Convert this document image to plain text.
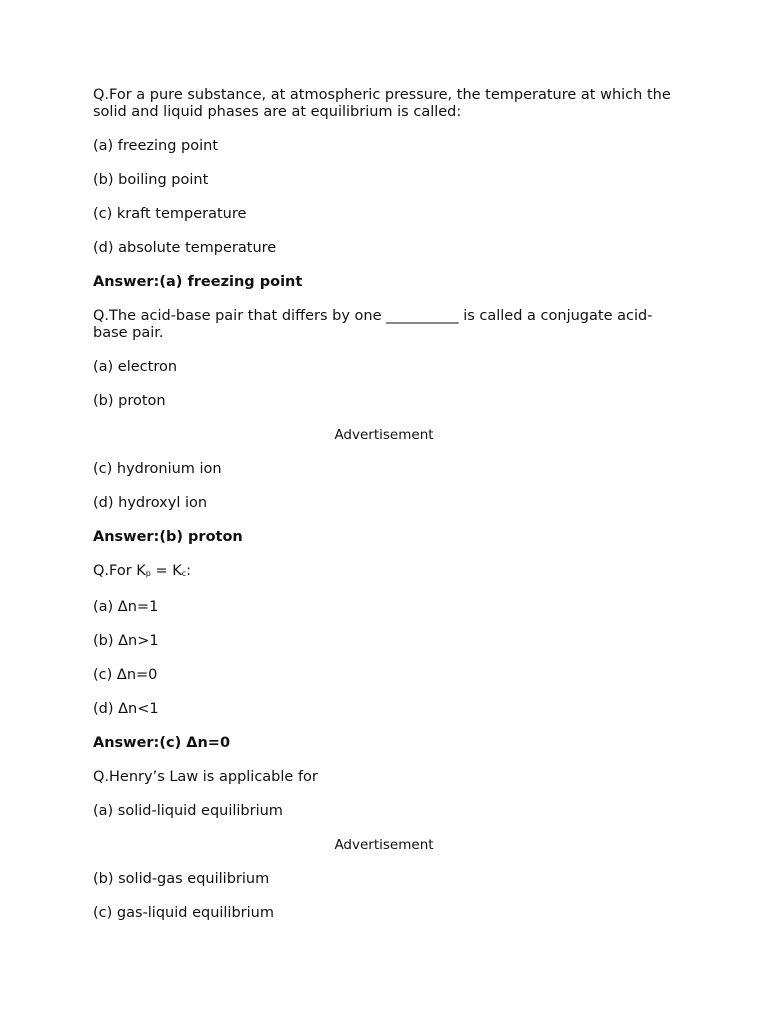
Q.For a pure substance, at atmospheric pressure, the temperature at which the solid and liquid phases are at equilibrium is called:
(a) freezing point
(b) boiling point
(c) kraft temperature
(d) absolute temperature
Answer:(a) freezing point
Q.The acid-base pair that differs by one __________ is called a conjugate acid-base pair.
(a) electron
(b) proton
Advertisement
(c) hydronium ion
(d) hydroxyl ion
Answer:(b) proton
Q.For $K_p = K_c$:
(a) Δn=1
(b) Δn>1
(c) Δn=0
(d) Δn<1
Answer:(c) Δn=0
Q.Henry’s Law is applicable for
(a) solid-liquid equilibrium
Advertisement
(b) solid-gas equilibrium
(c) gas-liquid equilibrium
